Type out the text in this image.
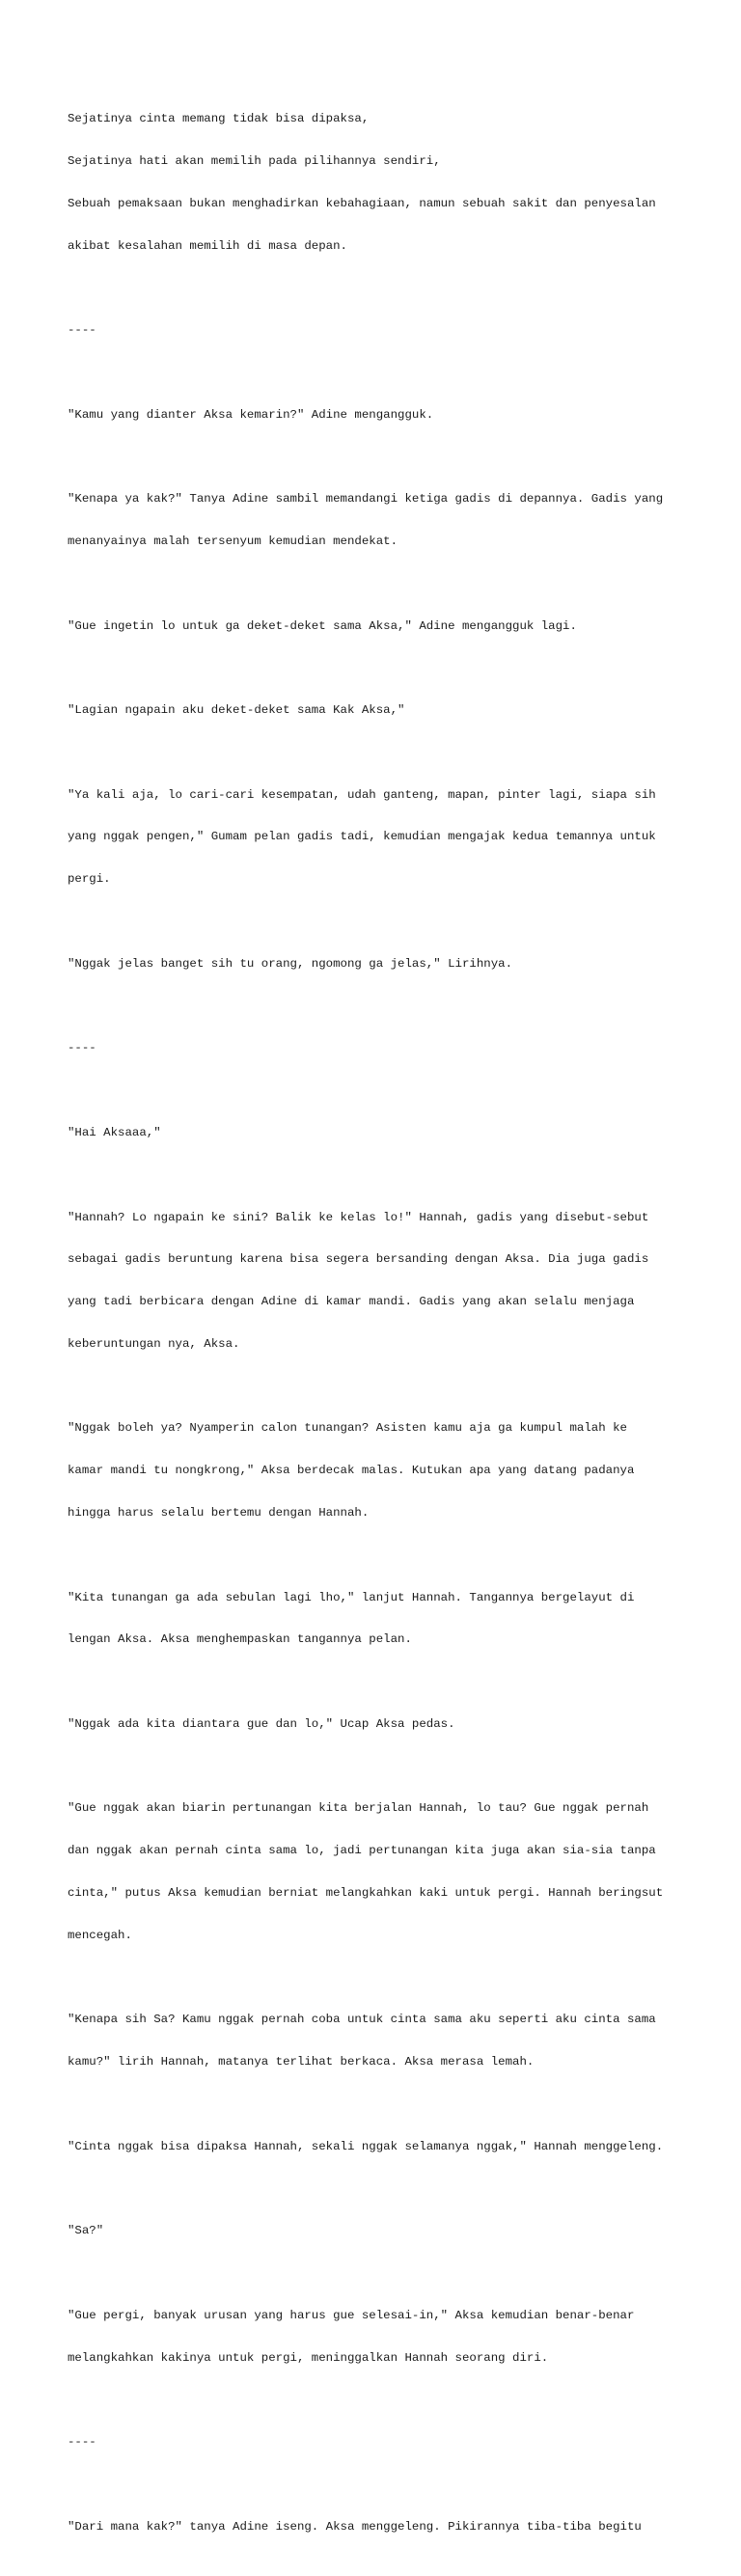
Sejatinya cinta memang tidak bisa dipaksa,

Sejatinya hati akan memilih pada pilihannya sendiri,

Sebuah pemaksaan bukan menghadirkan kebahagiaan, namun sebuah sakit dan penyesalan

akibat kesalahan memilih di masa depan.

----

"Kamu yang dianter Aksa kemarin?" Adine mengangguk.

"Kenapa ya kak?" Tanya Adine sambil memandangi ketiga gadis di depannya. Gadis yang

menanyainya malah tersenyum kemudian mendekat.

"Gue ingetin lo untuk ga deket-deket sama Aksa," Adine mengangguk lagi.

"Lagian ngapain aku deket-deket sama Kak Aksa,"

"Ya kali aja, lo cari-cari kesempatan, udah ganteng, mapan, pinter lagi, siapa sih

yang nggak pengen," Gumam pelan gadis tadi, kemudian mengajak kedua temannya untuk

pergi.

"Nggak jelas banget sih tu orang, ngomong ga jelas," Lirihnya.

----

"Hai Aksaaa,"

"Hannah? Lo ngapain ke sini? Balik ke kelas lo!" Hannah, gadis yang disebut-sebut

sebagai gadis beruntung karena bisa segera bersanding dengan Aksa. Dia juga gadis

yang tadi berbicara dengan Adine di kamar mandi. Gadis yang akan selalu menjaga

keberuntungan nya, Aksa.

"Nggak boleh ya? Nyamperin calon tunangan? Asisten kamu aja ga kumpul malah ke

kamar mandi tu nongkrong," Aksa berdecak malas. Kutukan apa yang datang padanya

hingga harus selalu bertemu dengan Hannah.

"Kita tunangan ga ada sebulan lagi lho," lanjut Hannah. Tangannya bergelayut di

lengan Aksa. Aksa menghempaskan tangannya pelan.

"Nggak ada kita diantara gue dan lo," Ucap Aksa pedas.

"Gue nggak akan biarin pertunangan kita berjalan Hannah, lo tau? Gue nggak pernah

dan nggak akan pernah cinta sama lo, jadi pertunangan kita juga akan sia-sia tanpa

cinta," putus Aksa kemudian berniat melangkahkan kaki untuk pergi. Hannah beringsut

mencegah.

"Kenapa sih Sa? Kamu nggak pernah coba untuk cinta sama aku seperti aku cinta sama

kamu?" lirih Hannah, matanya terlihat berkaca. Aksa merasa lemah.

"Cinta nggak bisa dipaksa Hannah, sekali nggak selamanya nggak," Hannah menggeleng.

"Sa?"

"Gue pergi, banyak urusan yang harus gue selesai-in," Aksa kemudian benar-benar

melangkahkan kakinya untuk pergi, meninggalkan Hannah seorang diri.

----

"Dari mana kak?" tanya Adine iseng. Aksa menggeleng. Pikirannya tiba-tiba begitu
